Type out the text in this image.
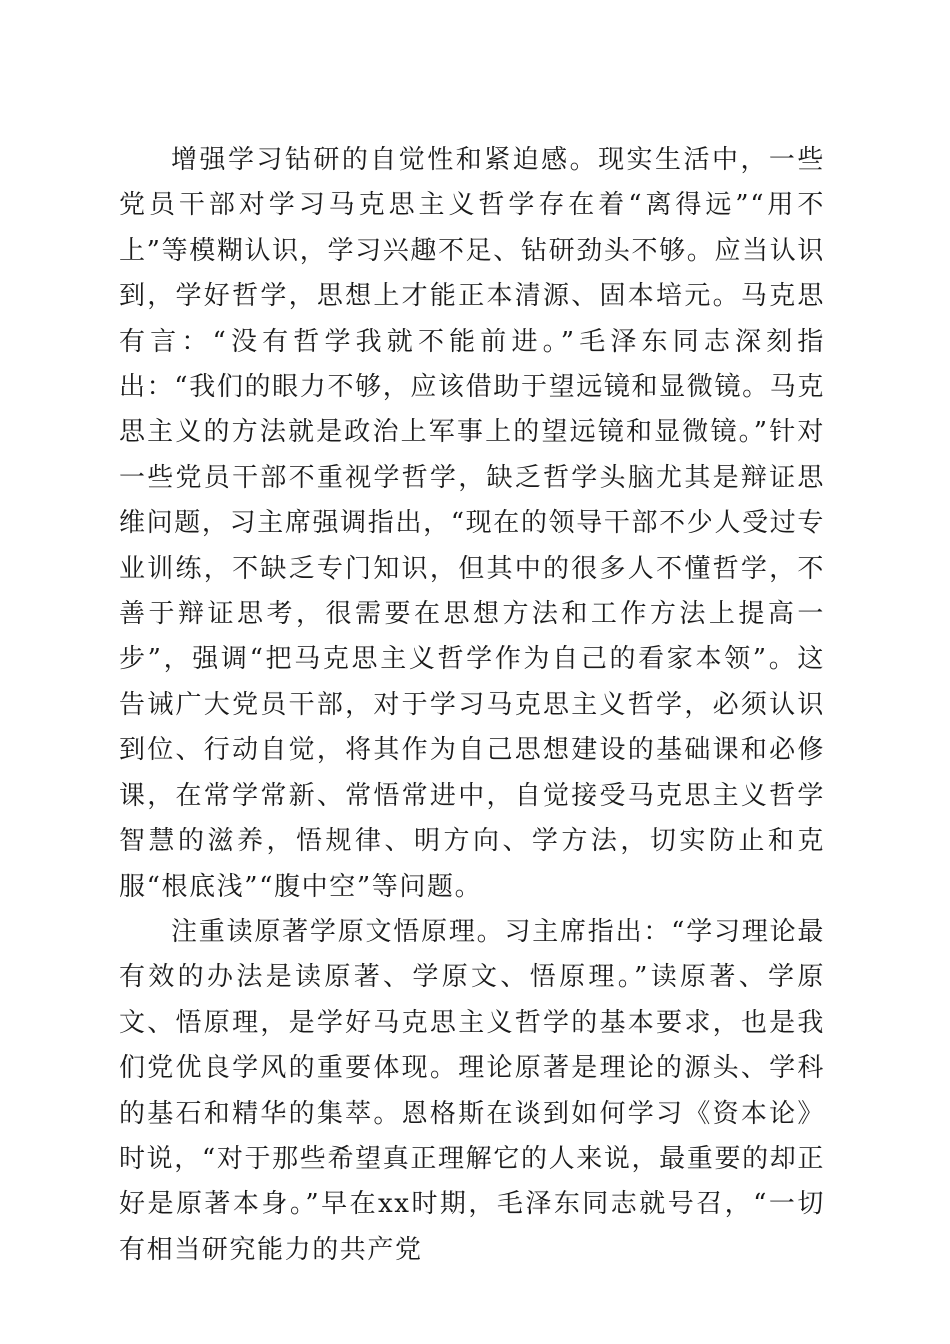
增强学习钻研的自觉性和紧迫感。现实生活中，一些党员干部对学习马克思主义哲学存在着“离得远”“用不上”等模糊认识，学习兴趣不足、钻研劲头不够。应当认识到，学好哲学，思想上才能正本清源、固本培元。马克思有言：“没有哲学我就不能前进。”毛泽东同志深刻指出：“我们的眼力不够，应该借助于望远镜和显微镜。马克思主义的方法就是政治上军事上的望远镜和显微镜。”针对一些党员干部不重视学哲学，缺乏哲学头脑尤其是辩证思维问题，习主席强调指出，“现在的领导干部不少人受过专业训练，不缺乏专门知识，但其中的很多人不懂哲学，不善于辩证思考，很需要在思想方法和工作方法上提高一步”，强调“把马克思主义哲学作为自己的看家本领”。这告诫广大党员干部，对于学习马克思主义哲学，必须认识到位、行动自觉，将其作为自己思想建设的基础课和必修课，在常学常新、常悟常进中，自觉接受马克思主义哲学智慧的滋养，悟规律、明方向、学方法，切实防止和克服“根底浅”“腹中空”等问题。

注重读原著学原文悟原理。习主席指出：“学习理论最有效的办法是读原著、学原文、悟原理。”读原著、学原文、悟原理，是学好马克思主义哲学的基本要求，也是我们党优良学风的重要体现。理论原著是理论的源头、学科的基石和精华的集萃。恩格斯在谈到如何学习《资本论》时说，“对于那些希望真正理解它的人来说，最重要的却正好是原著本身。”早在xx时期，毛泽东同志就号召，“一切有相当研究能力的共产党
